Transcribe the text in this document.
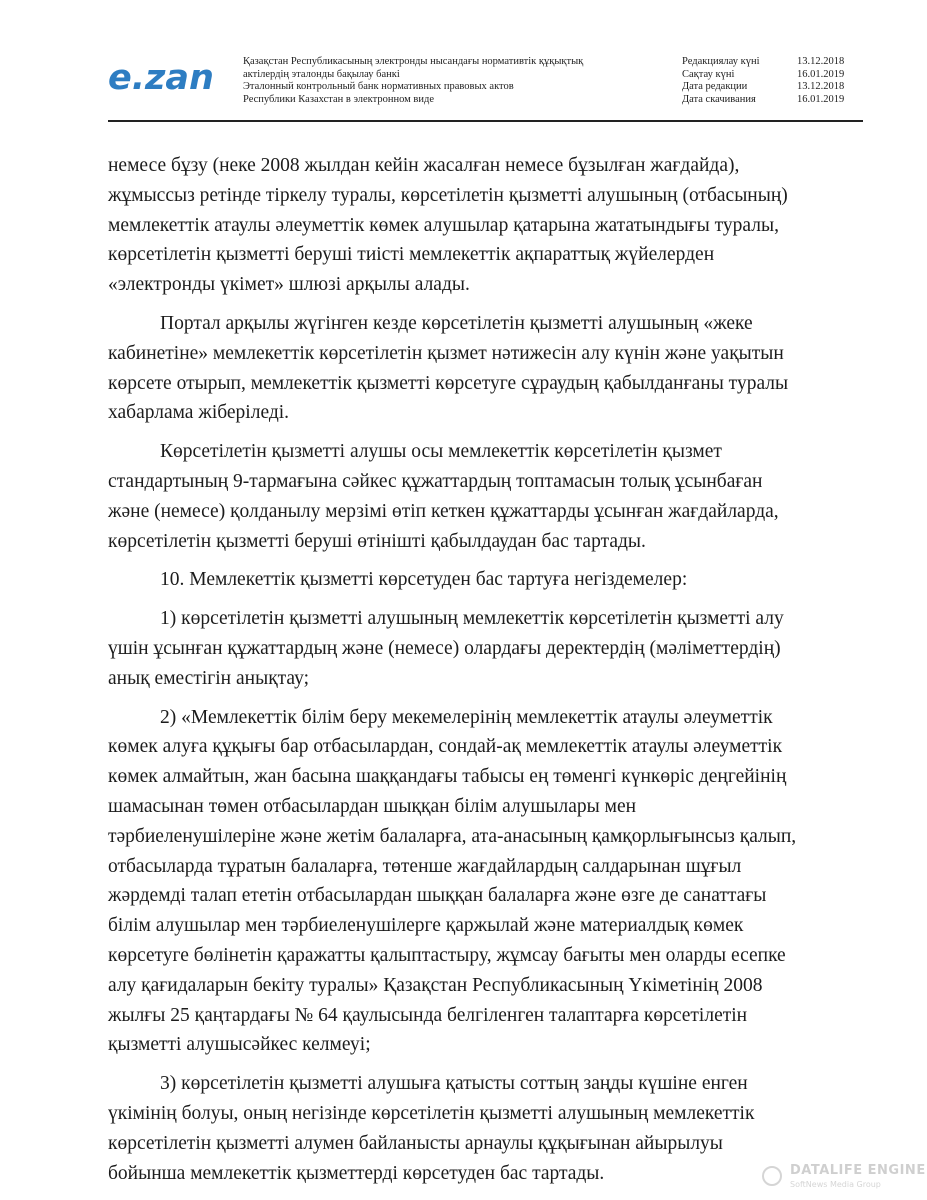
e.zan	Қазақстан Республикасының электронды нысандағы нормативтік құқықтық
актілердің эталонды бақылау банкі
Эталонный контрольный банк нормативных правовых актов
Республики Казахстан в электронном виде
Редакциялау күні	13.12.2018
Сақтау күні	16.01.2019
Дата редакции	13.12.2018
Дата скачивания	16.01.2019

немесе бұзу (неке 2008 жылдан кейін жасалған немесе бұзылған жағдайда),
жұмыссыз ретінде тіркелу туралы, көрсетілетін қызметті алушының (отбасының)
мемлекеттік атаулы әлеуметтік көмек алушылар қатарына жататындығы туралы,
көрсетілетін қызметті беруші тиісті мемлекеттік ақпараттық жүйелерден
«электронды үкімет» шлюзі арқылы алады.

Портал арқылы жүгінген кезде көрсетілетін қызметті алушының «жеке
кабинетіне» мемлекеттік көрсетілетін қызмет нәтижесін алу күнін және уақытын
көрсете отырып, мемлекеттік қызметті көрсетуге сұраудың қабылданғаны туралы
хабарлама жіберіледі.

Көрсетілетін қызметті алушы осы мемлекеттік көрсетілетін қызмет
стандартының 9-тармағына сәйкес құжаттардың топтамасын толық ұсынбаған
және (немесе) қолданылу мерзімі өтіп кеткен құжаттарды ұсынған жағдайларда,
көрсетілетін қызметті беруші өтінішті қабылдаудан бас тартады.

10. Мемлекеттік қызметті көрсетуден бас тартуға негіздемелер:

1) көрсетілетін қызметті алушының мемлекеттік көрсетілетін қызметті алу
үшін ұсынған құжаттардың және (немесе) олардағы деректердің (мәліметтердің)
анық еместігін анықтау;

2) «Мемлекеттік білім беру мекемелерінің мемлекеттік атаулы әлеуметтік
көмек алуға құқығы бар отбасылардан, сондай-ақ мемлекеттік атаулы әлеуметтік
көмек алмайтын, жан басына шаққандағы табысы ең төменгі күнкөріс деңгейінің
шамасынан төмен отбасылардан шыққан білім алушылары мен
тәрбиеленушілеріне және жетім балаларға, ата-анасының қамқорлығынсыз қалып,
отбасыларда тұратын балаларға, төтенше жағдайлардың салдарынан шұғыл
жәрдемді талап ететін отбасылардан шыққан балаларға және өзге де санаттағы
білім алушылар мен тәрбиеленушілерге қаржылай және материалдық көмек
көрсетуге бөлінетін қаражатты қалыптастыру, жұмсау бағыты мен оларды есепке
алу қағидаларын бекіту туралы» Қазақстан Республикасының Үкіметінің 2008
жылғы 25 қаңтардағы № 64 қаулысында белгіленген талаптарға көрсетілетін
қызметті алушысәйкес келмеуі;

3) көрсетілетін қызметті алушыға қатысты соттың заңды күшіне енген
үкімінің болуы, оның негізінде көрсетілетін қызметті алушының мемлекеттік
көрсетілетін қызметті алумен байланысты арнаулы құқығынан айырылуы
бойынша мемлекеттік қызметтерді көрсетуден бас тартады.	DATALIFE ENGINE
SoftNews Media Group
